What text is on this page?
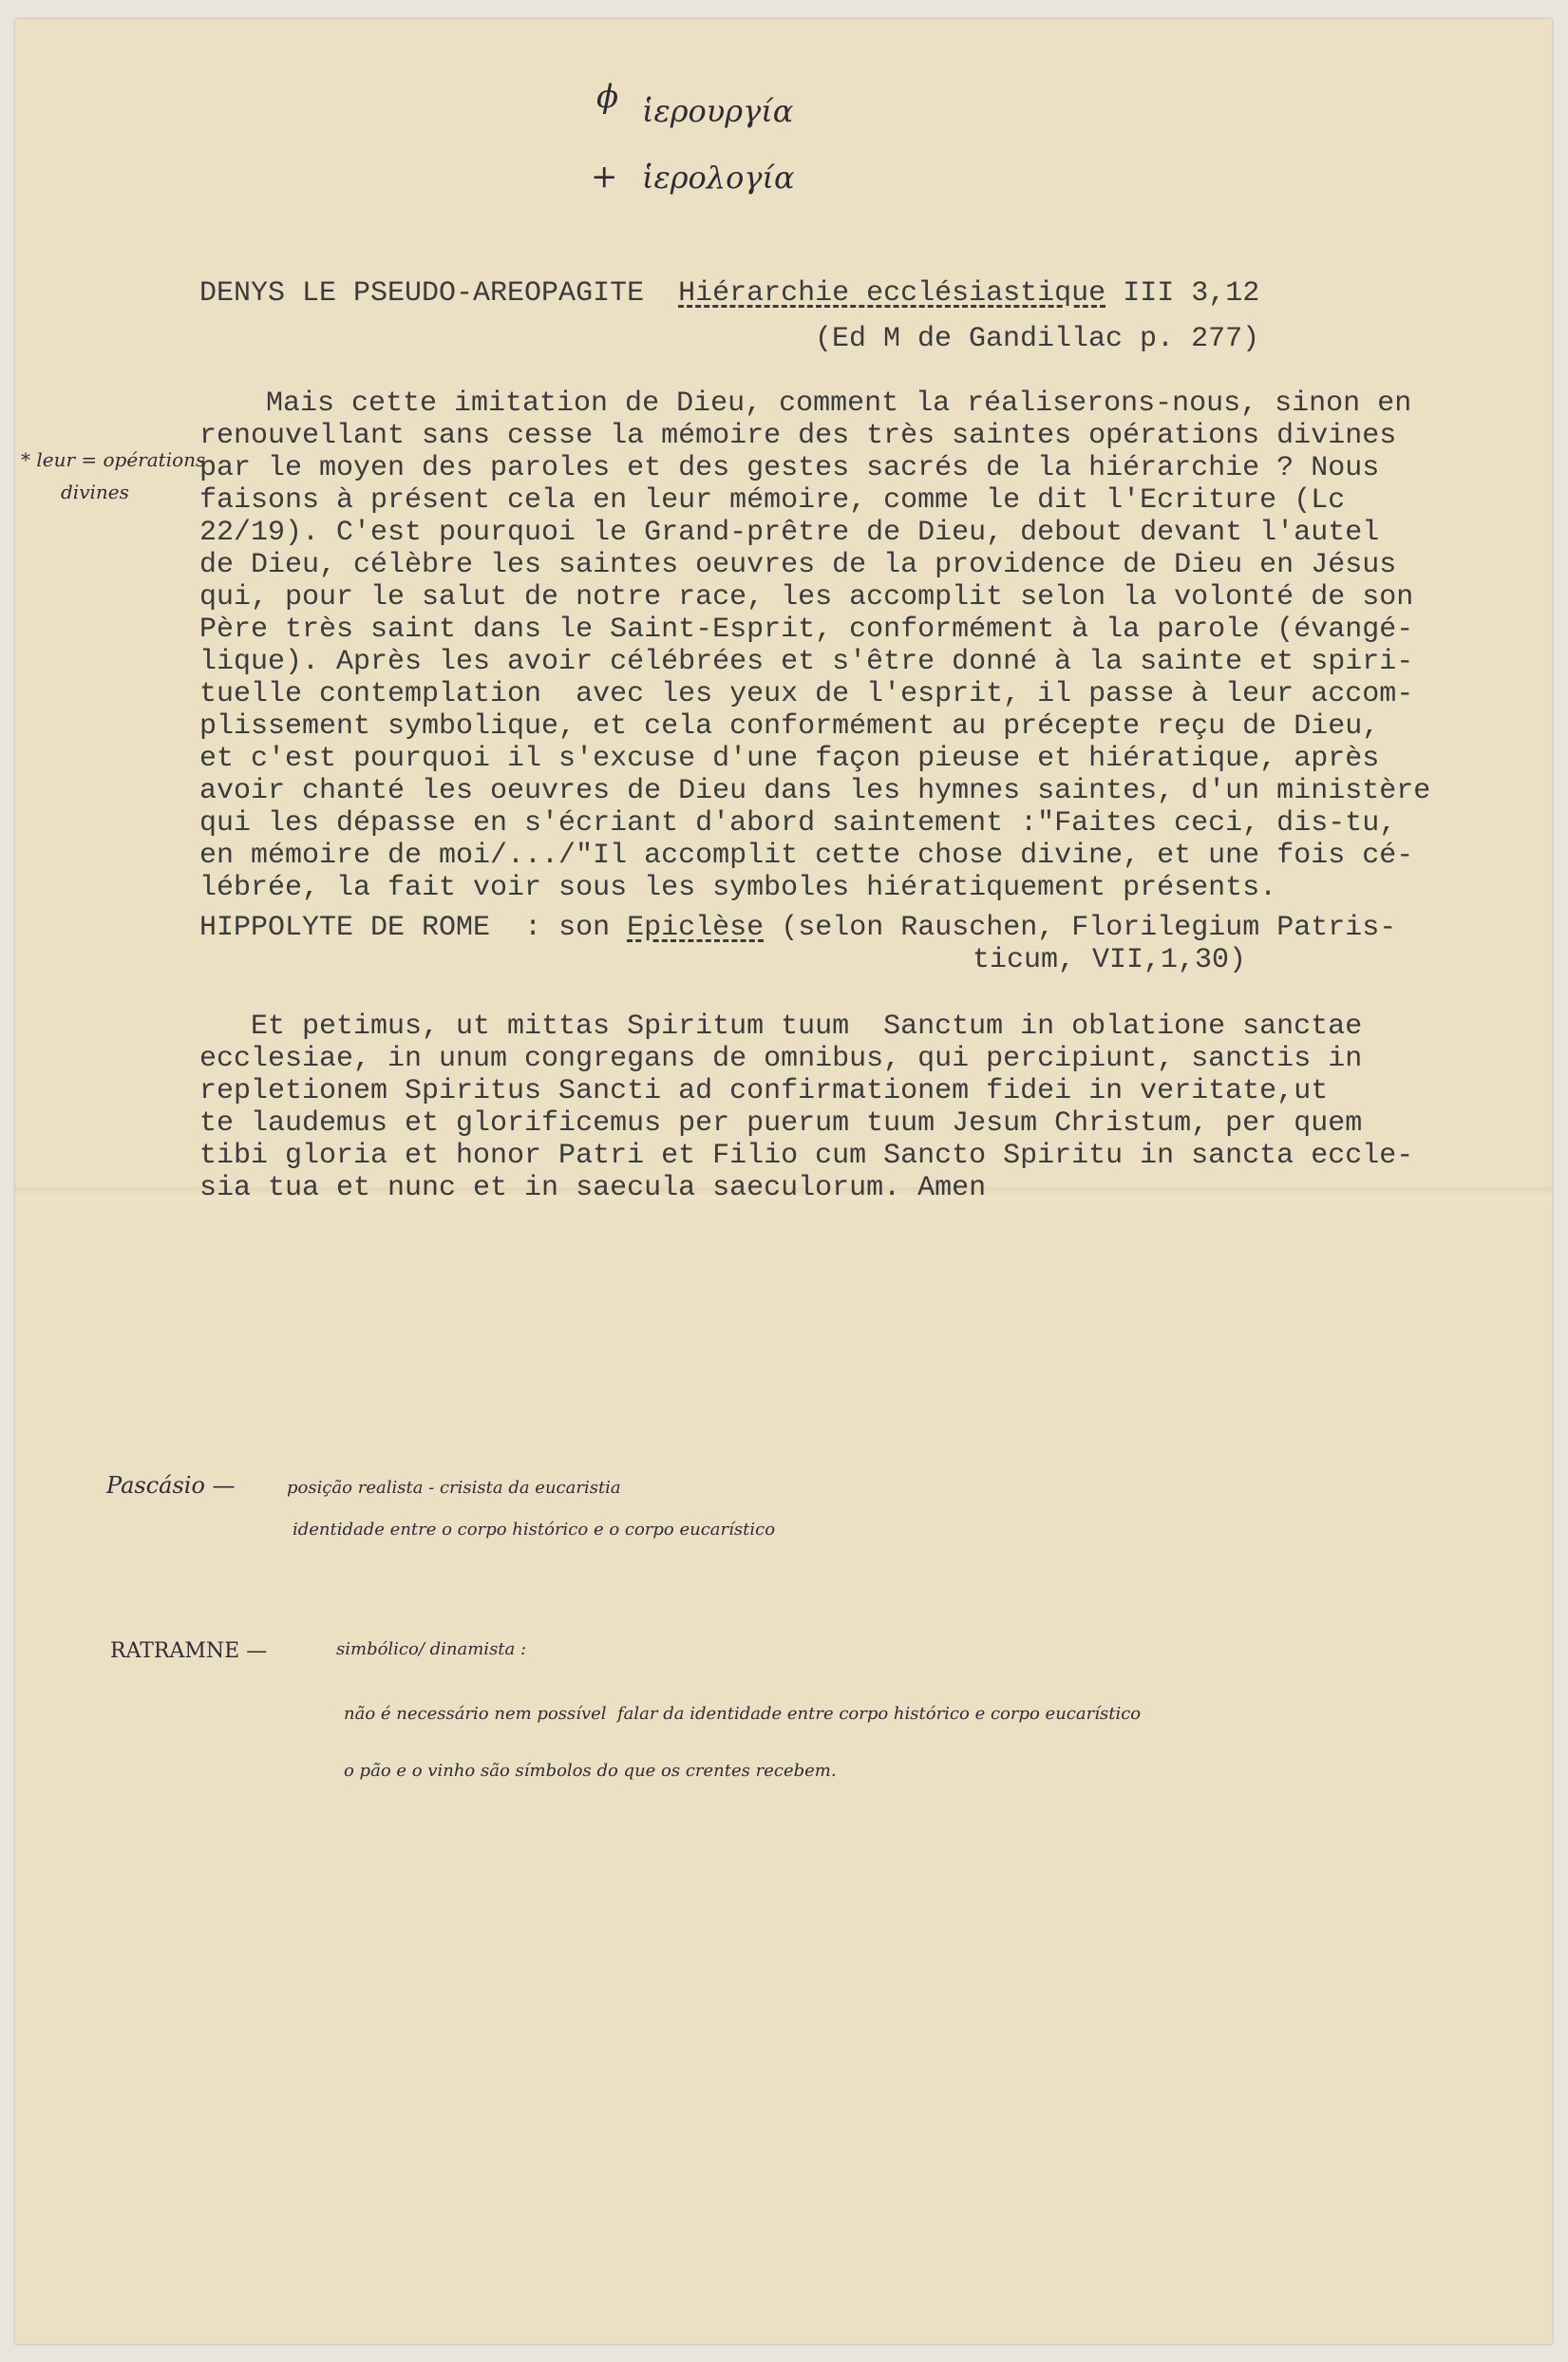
ϕ ἱερουργία
+ ἱερολογία
DENYS LE PSEUDO-AREOPAGITE Hiérarchie ecclésiastique III 3,12
(Ed M de Gandillac p. 277)
* leur = opérations
divines

Mais cette imitation de Dieu, comment la réaliserons-nous, sinon en
renouvellant sans cesse la mémoire des très saintes opérations divines
par le moyen des paroles et des gestes sacrés de la hiérarchie ? Nous
faisons à présent cela en leur mémoire, comme le dit l'Ecriture (Lc
22/19). C'est pourquoi le Grand-prêtre de Dieu, debout devant l'autel
de Dieu, célèbre les saintes oeuvres de la providence de Dieu en Jésus
qui, pour le salut de notre race, les accomplit selon la volonté de son
Père très saint dans le Saint-Esprit, conformément à la parole (évangé-
lique). Après les avoir célébrées et s'être donné à la sainte et spiri-
tuelle contemplation  avec les yeux de l'esprit, il passe à leur accom-
plissement symbolique, et cela conformément au précepte reçu de Dieu,
et c'est pourquoi il s'excuse d'une façon pieuse et hiératique, après
avoir chanté les oeuvres de Dieu dans les hymnes saintes, d'un ministère
qui les dépasse en s'écriant d'abord saintement :"Faites ceci, dis-tu,
en mémoire de moi/.../"Il accomplit cette chose divine, et une fois cé-
lébrée, la fait voir sous les symboles hiératiquement présents.

HIPPOLYTE DE ROME : son Epiclèse (selon Rauschen, Florilegium Patris-
ticum, VII,1,30)

Et petimus, ut mittas Spiritum tuum  Sanctum in oblatione sanctae
ecclesiae, in unum congregans de omnibus, qui percipiunt, sanctis in
repletionem Spiritus Sancti ad confirmationem fidei in veritate,ut
te laudemus et glorificemus per puerum tuum Jesum Christum, per quem
tibi gloria et honor Patri et Filio cum Sancto Spiritu in sancta eccle-
sia tua et nunc et in saecula saeculorum. Amen

Pascásio —	posição realista - crisista da eucaristia
identidade entre o corpo histórico e o corpo eucarístico
RATRAMNE —	simbólico/ dinamista :
não é necessário nem possível  falar da identidade entre corpo histórico e corpo eucarístico
o pão e o vinho são símbolos do que os crentes recebem.
